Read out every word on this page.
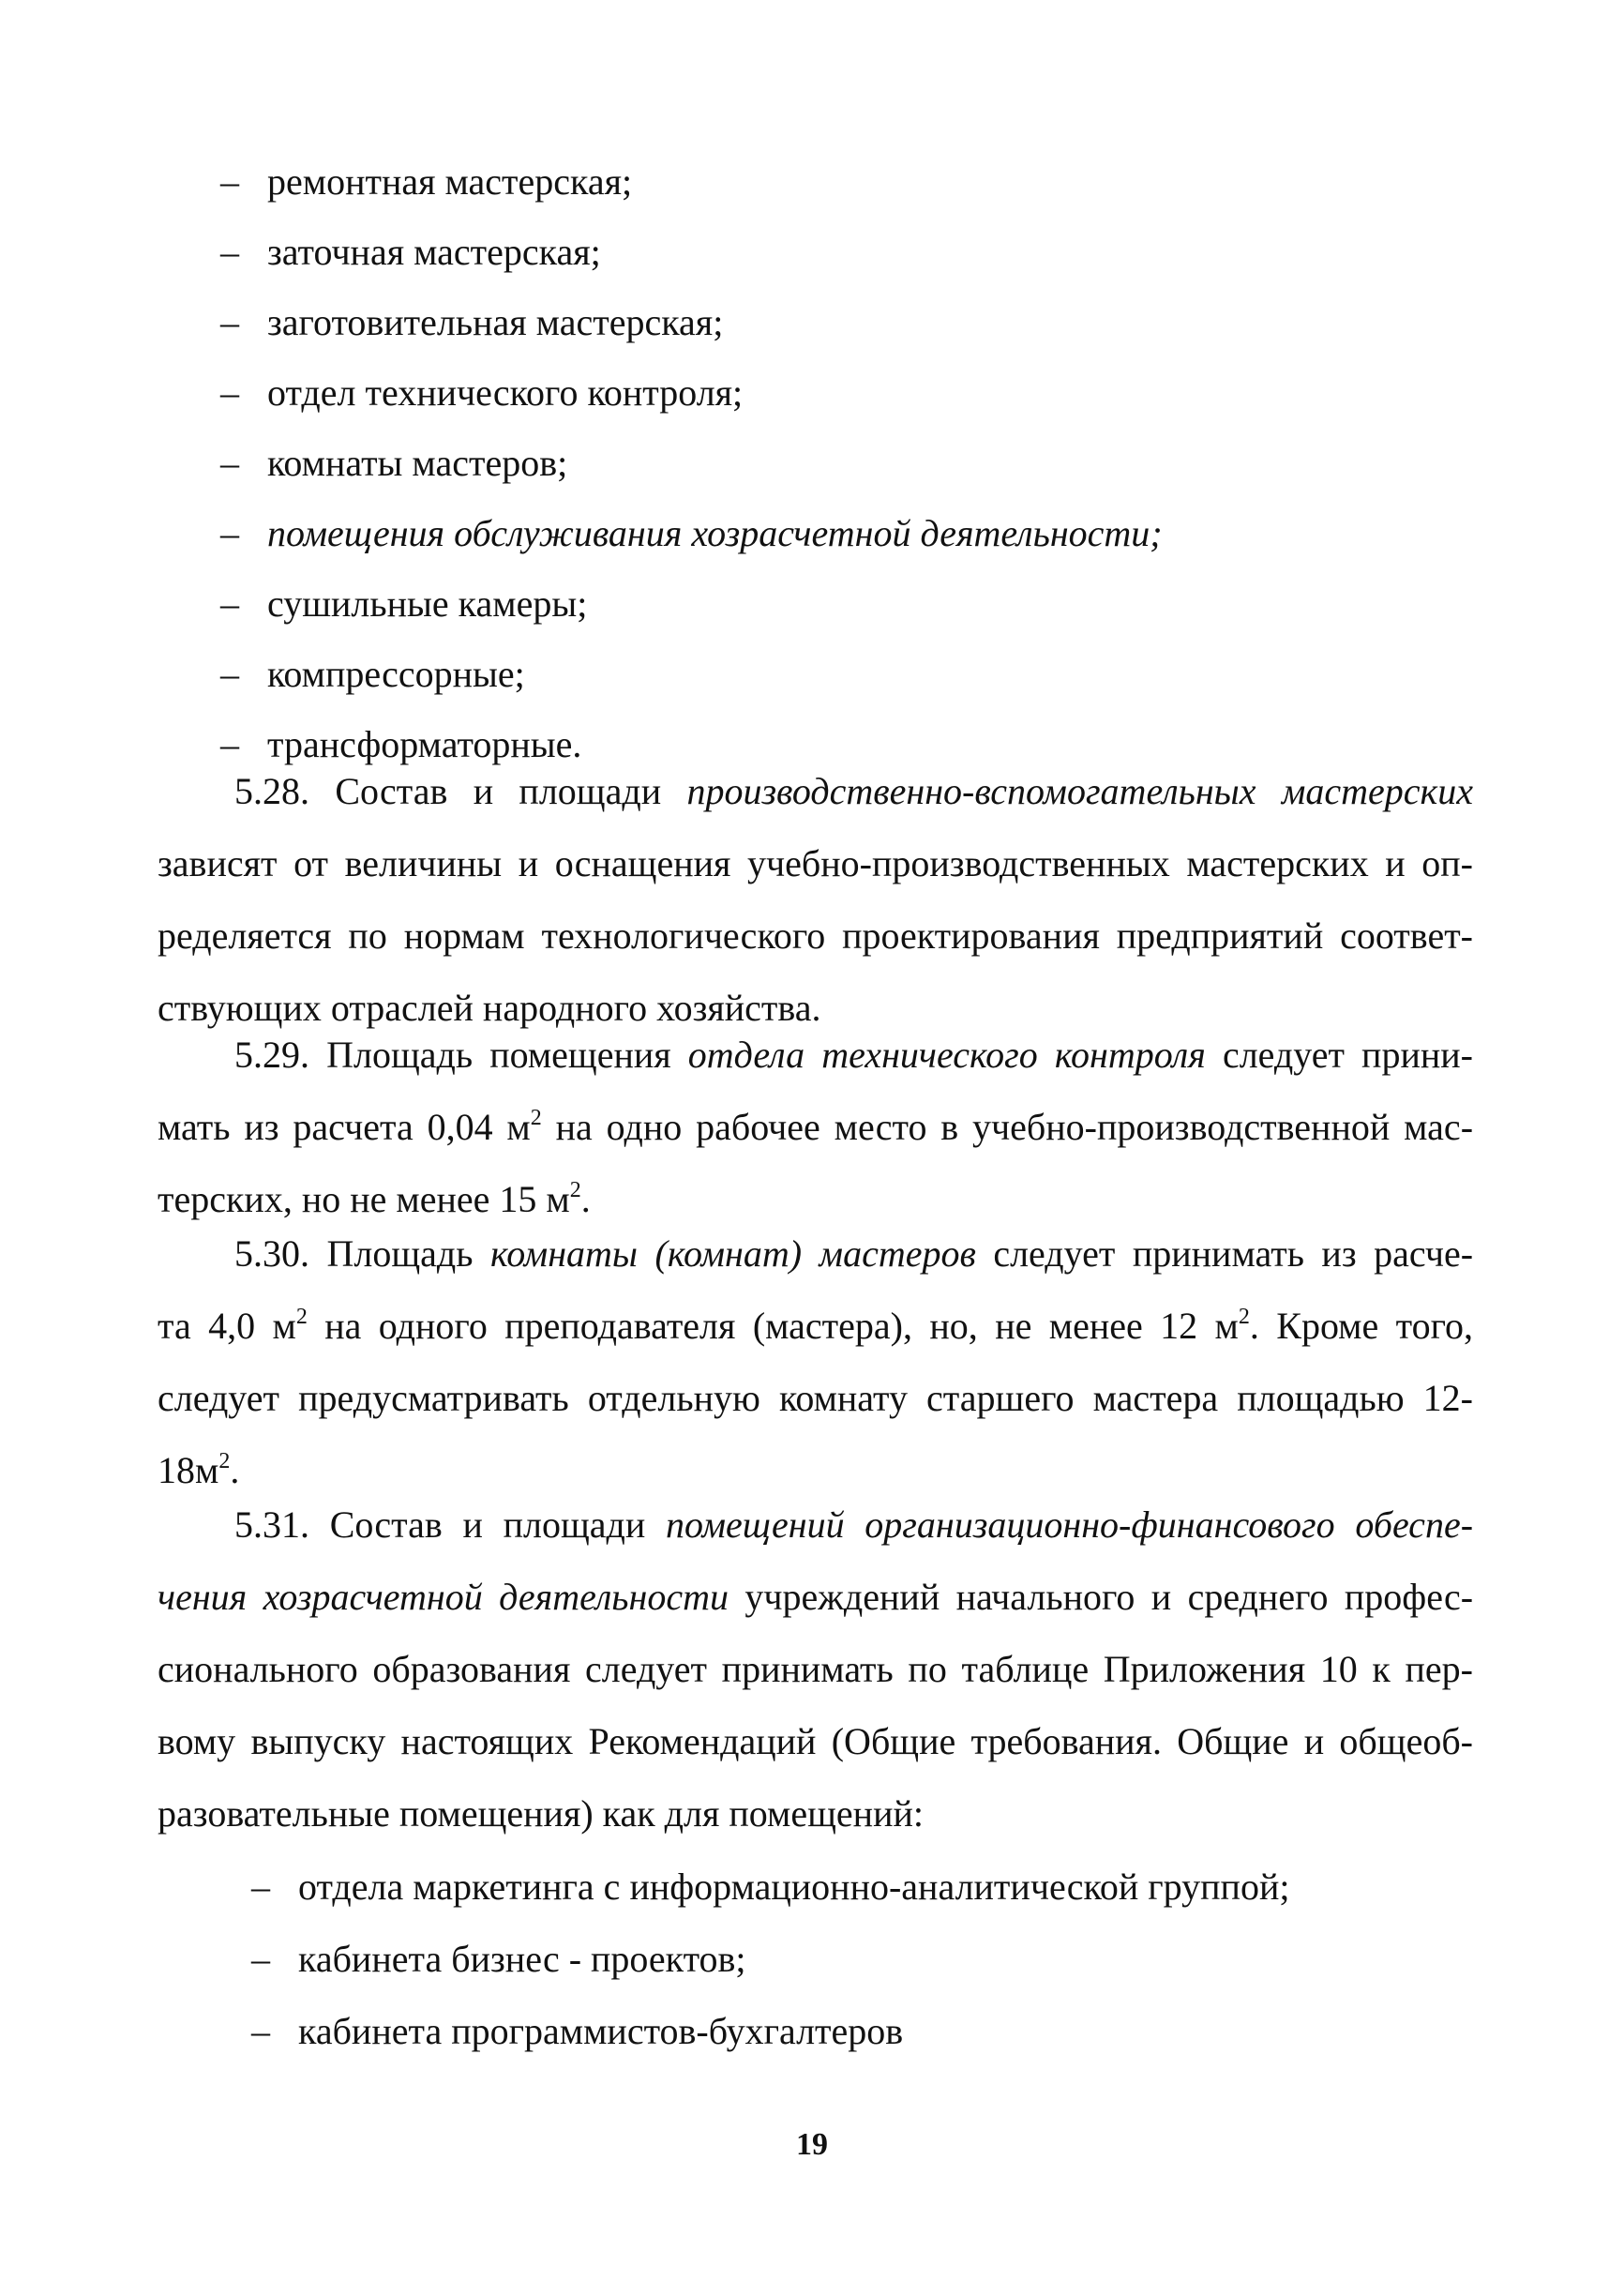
– ремонтная мастерская;
– заточная мастерская;
– заготовительная мастерская;
– отдел технического контроля;
– комнаты мастеров;
– помещения обслуживания хозрасчетной деятельности;
– сушильные камеры;
– компрессорные;
– трансформаторные.
5.28. Состав и площади производственно-вспомогательных мастерских
зависят от величины и оснащения учебно-производственных мастерских и оп-
ределяется по нормам технологического проектирования предприятий соответ-
ствующих отраслей народного хозяйства.
5.29. Площадь помещения отдела технического контроля следует прини-
мать из расчета 0,04 $м^2$ на одно рабочее место в учебно-производственной мас-
терских, но не менее 15 $м^2$.
5.30. Площадь комнаты (комнат) мастеров следует принимать из расче-
та 4,0 $м^2$ на одного преподавателя (мастера), но, не менее 12 $м^2$. Кроме того,
следует предусматривать отдельную комнату старшего мастера площадью 12-
$18м^2$.
5.31. Состав и площади помещений организационно-финансового обеспе-
чения хозрасчетной деятельности учреждений начального и среднего профес-
сионального образования следует принимать по таблице Приложения 10 к пер-
вому выпуску настоящих Рекомендаций (Общие требования. Общие и общеоб-
разовательные помещения) как для помещений:
– отдела маркетинга с информационно-аналитической группой;
– кабинета бизнес - проектов;
– кабинета программистов-бухгалтеров
19
